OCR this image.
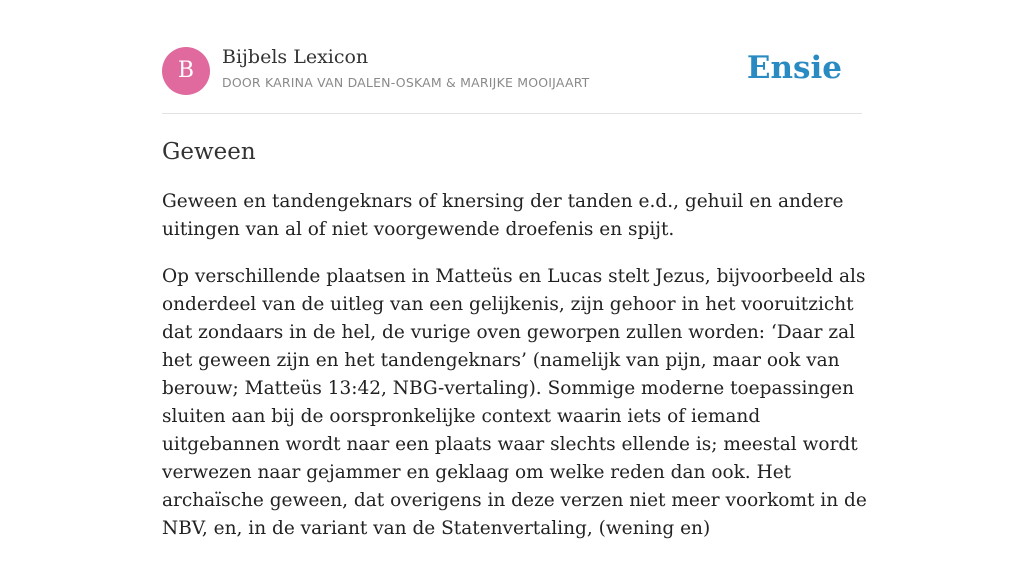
B
Bijbels Lexicon
DOOR KARINA VAN DALEN-OSKAM & MARIJKE MOOIJAART	Ensie
Geween

Geween en tandengeknars of knersing der tanden e.d., gehuil en andere uitingen van al of niet voorgewende droefenis en spijt.

Op verschillende plaatsen in Matteüs en Lucas stelt Jezus, bijvoorbeeld als onderdeel van de uitleg van een gelijkenis, zijn gehoor in het vooruitzicht dat zondaars in de hel, de vurige oven geworpen zullen worden: ‘Daar zal het geween zijn en het tandengeknars’ (namelijk van pijn, maar ook van berouw; Matteüs 13:42, NBG-vertaling). Sommige moderne toepassingen sluiten aan bij de oorspronkelijke context waarin iets of iemand uitgebannen wordt naar een plaats waar slechts ellende is; meestal wordt verwezen naar gejammer en geklaag om welke reden dan ook. Het archaïsche geween, dat overigens in deze verzen niet meer voorkomt in de NBV, en, in de variant van de Statenvertaling, (wening en)
